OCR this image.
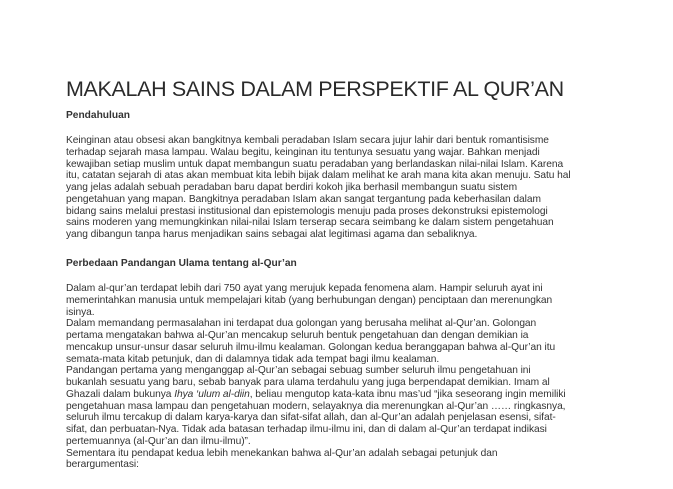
MAKALAH SAINS DALAM PERSPEKTIF AL QUR’AN
Pendahuluan

Keinginan atau obsesi akan bangkitnya kembali peradaban Islam secara jujur lahir dari bentuk romantisisme
terhadap sejarah masa lampau. Walau begitu, keinginan itu tentunya sesuatu yang wajar. Bahkan menjadi
kewajiban setiap muslim untuk dapat membangun suatu peradaban yang berlandaskan nilai-nilai Islam. Karena
itu, catatan sejarah di atas akan membuat kita lebih bijak dalam melihat ke arah mana kita akan menuju. Satu hal
yang jelas adalah sebuah peradaban baru dapat berdiri kokoh jika berhasil membangun suatu sistem
pengetahuan yang mapan. Bangkitnya peradaban Islam akan sangat tergantung pada keberhasilan dalam
bidang sains melalui prestasi institusional dan epistemologis menuju pada proses dekonstruksi epistemologi
sains moderen yang memungkinkan nilai-nilai Islam terserap secara seimbang ke dalam sistem pengetahuan
yang dibangun tanpa harus menjadikan sains sebagai alat legitimasi agama dan sebaliknya.

Perbedaan Pandangan Ulama tentang al-Qur’an

Dalam al-qur’an terdapat lebih dari 750 ayat yang merujuk kepada fenomena alam. Hampir seluruh ayat ini
memerintahkan manusia untuk mempelajari kitab (yang berhubungan dengan) penciptaan dan merenungkan
isinya.
Dalam memandang permasalahan ini terdapat dua golongan yang berusaha melihat al-Qur’an. Golongan
pertama mengatakan bahwa al-Qur’an mencakup seluruh bentuk pengetahuan dan dengan demikian ia
mencakup unsur-unsur dasar seluruh ilmu-ilmu kealaman. Golongan kedua beranggapan bahwa al-Qur’an itu
semata-mata kitab petunjuk, dan di dalamnya tidak ada tempat bagi ilmu kealaman.
Pandangan pertama yang menganggap al-Qur’an sebagai sebuag sumber seluruh ilmu pengetahuan ini
bukanlah sesuatu yang baru, sebab banyak para ulama terdahulu yang juga berpendapat demikian. Imam al
Ghazali dalam bukunya Ihya ‘ulum al-diin, beliau mengutop kata-kata ibnu mas’ud “jika seseorang ingin memiliki
pengetahuan masa lampau dan pengetahuan modern, selayaknya dia merenungkan al-Qur’an …… ringkasnya,
seluruh ilmu tercakup di dalam karya-karya dan sifat-sifat allah, dan al-Qur’an adalah penjelasan esensi, sifat-
sifat, dan perbuatan-Nya. Tidak ada batasan terhadap ilmu-ilmu ini, dan di dalam al-Qur’an terdapat indikasi
pertemuannya (al-Qur’an dan ilmu-ilmu)”.
Sementara itu pendapat kedua lebih menekankan bahwa al-Qur’an adalah sebagai petunjuk dan
berargumentasi:
